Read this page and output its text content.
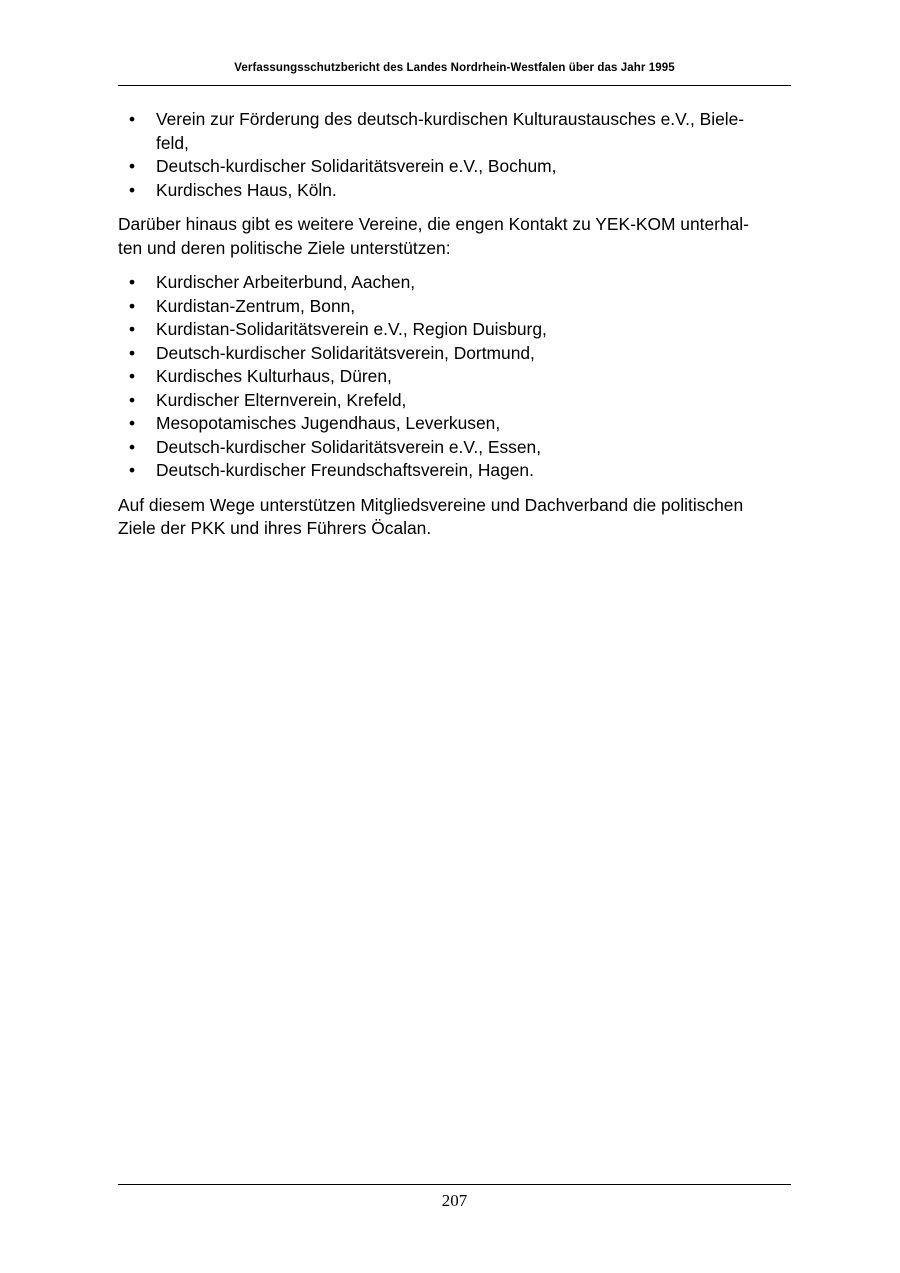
Verfassungsschutzbericht des Landes Nordrhein-Westfalen über das Jahr 1995
• Verein zur Förderung des deutsch-kurdischen Kulturaustausches e.V., Biele-
feld,
• Deutsch-kurdischer Solidaritätsverein e.V., Bochum,
• Kurdisches Haus, Köln.

Darüber hinaus gibt es weitere Vereine, die engen Kontakt zu YEK-KOM unterhal-
ten und deren politische Ziele unterstützen:

• Kurdischer Arbeiterbund, Aachen,
• Kurdistan-Zentrum, Bonn,
• Kurdistan-Solidaritätsverein e.V., Region Duisburg,
• Deutsch-kurdischer Solidaritätsverein, Dortmund,
• Kurdisches Kulturhaus, Düren,
• Kurdischer Elternverein, Krefeld,
• Mesopotamisches Jugendhaus, Leverkusen,
• Deutsch-kurdischer Solidaritätsverein e.V., Essen,
• Deutsch-kurdischer Freundschaftsverein, Hagen.

Auf diesem Wege unterstützen Mitgliedsvereine und Dachverband die politischen
Ziele der PKK und ihres Führers Öcalan.

207
